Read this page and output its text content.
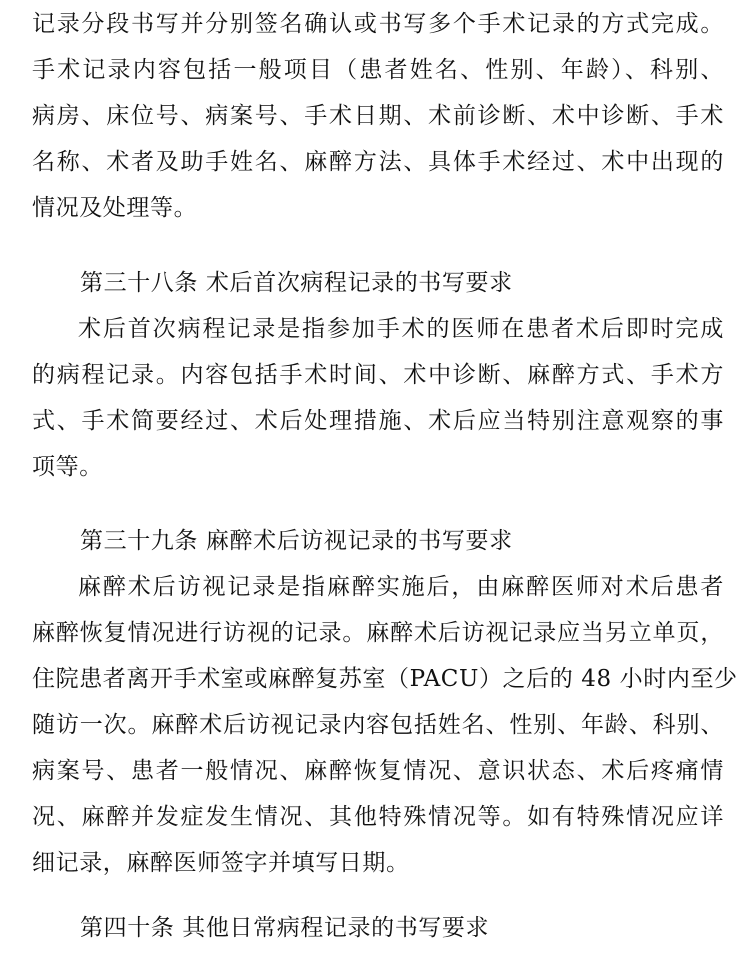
记录分段书写并分别签名确认或书写多个手术记录的方式完成。
手术记录内容包括一般项目（患者姓名、性别、年龄）、科别、
病房、床位号、病案号、手术日期、术前诊断、术中诊断、手术
名称、术者及助手姓名、麻醉方法、具体手术经过、术中出现的
情况及处理等。
第三十八条 术后首次病程记录的书写要求
术后首次病程记录是指参加手术的医师在患者术后即时完成
的病程记录。内容包括手术时间、术中诊断、麻醉方式、手术方
式、手术简要经过、术后处理措施、术后应当特别注意观察的事
项等。
第三十九条 麻醉术后访视记录的书写要求
麻醉术后访视记录是指麻醉实施后，由麻醉医师对术后患者
麻醉恢复情况进行访视的记录。麻醉术后访视记录应当另立单页，
住院患者离开手术室或麻醉复苏室（PACU）之后的 48 小时内至少
随访一次。麻醉术后访视记录内容包括姓名、性别、年龄、科别、
病案号、患者一般情况、麻醉恢复情况、意识状态、术后疼痛情
况、麻醉并发症发生情况、其他特殊情况等。如有特殊情况应详
细记录，麻醉医师签字并填写日期。
第四十条 其他日常病程记录的书写要求
